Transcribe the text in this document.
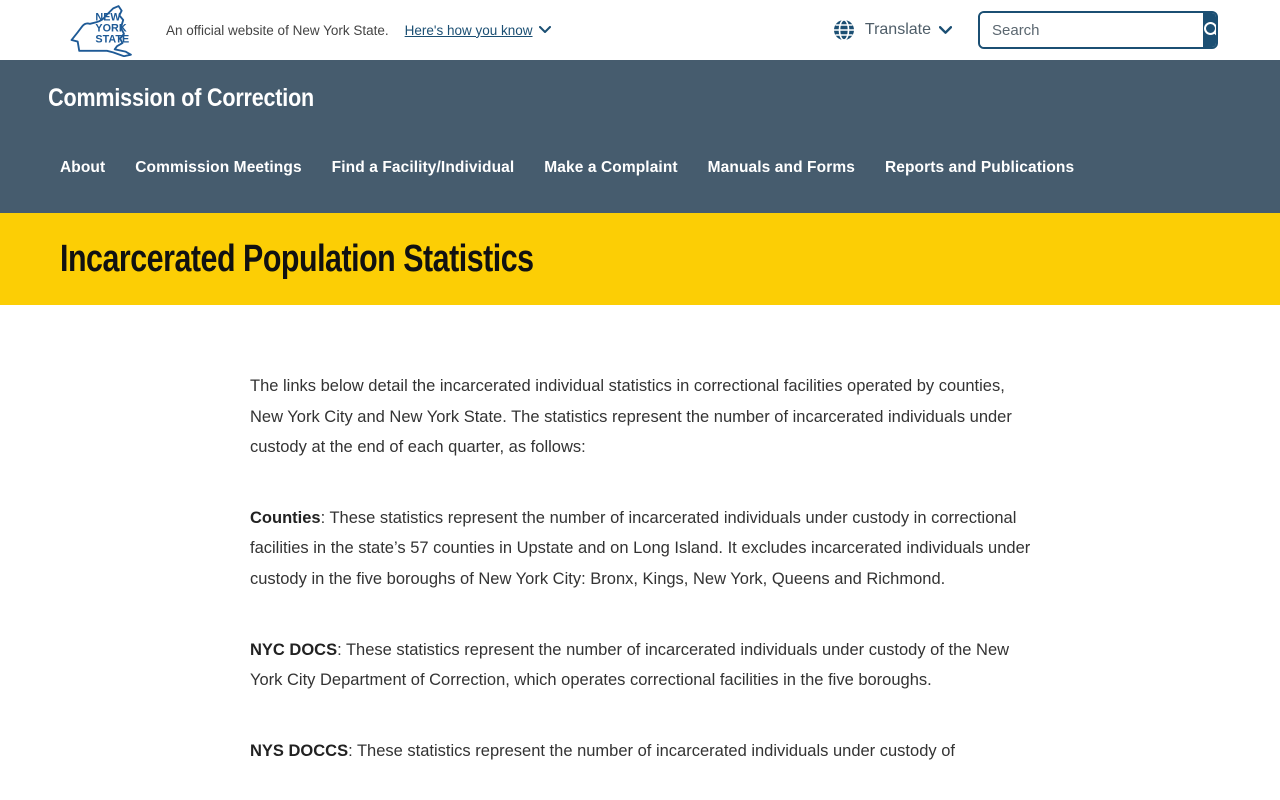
NEW YORK STATE
An official website of New York State. Here's how you know	Translate
Search
Commission of Correction
About Commission Meetings Find a Facility/Individual Make a Complaint Manuals and Forms Reports and Publications
Incarcerated Population Statistics

The links below detail the incarcerated individual statistics in correctional facilities operated by counties, New York City and New York State. The statistics represent the number of incarcerated individuals under custody at the end of each quarter, as follows:

Counties: These statistics represent the number of incarcerated individuals under custody in correctional facilities in the state’s 57 counties in Upstate and on Long Island. It excludes incarcerated individuals under custody in the five boroughs of New York City: Bronx, Kings, New York, Queens and Richmond.

NYC DOCS: These statistics represent the number of incarcerated individuals under custody of the New York City Department of Correction, which operates correctional facilities in the five boroughs.

NYS DOCCS: These statistics represent the number of incarcerated individuals under custody of
